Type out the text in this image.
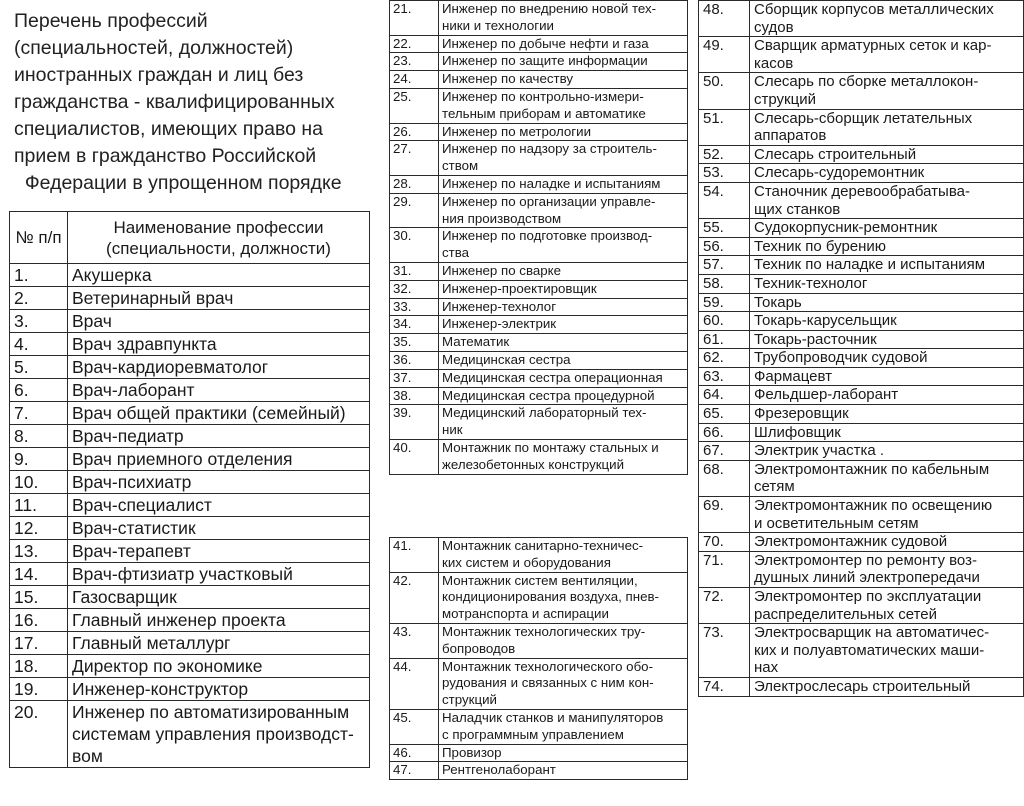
Перечень профессий
(специальностей, должностей)
иностранных граждан и лиц без
гражданства - квалифицированных
специалистов, имеющих право на
прием в гражданство Российской
Федерации в упрощенном порядке
№ п/п	Наименование профессии
(специальности, должности)

1.	Акушерка

2.	Ветеринарный врач

3.	Врач

4.	Врач здравпункта

5.	Врач-кардиоревматолог

6.	Врач-лаборант

7.	Врач общей практики (семейный)

8.	Врач-педиатр

9.	Врач приемного отделения

10.	Врач-психиатр

11.	Врач-специалист

12.	Врач-статистик

13.	Врач-терапевт

14.	Врач-фтизиатр участковый

15.	Газосварщик

16.	Главный инженер проекта

17.	Главный металлург

18.	Директор по экономике

19.	Инженер-конструктор

20.	Инженер по автоматизированным
системам управления производст-
вом
21.	Инженер по внедрению новой тех-
ники и технологии

22.	Инженер по добыче нефти и газа

23.	Инженер по защите информации

24.	Инженер по качеству

25.	Инженер по контрольно-измери-
тельным приборам и автоматике

26.	Инженер по метрологии

27.	Инженер по надзору за строитель-
ством

28.	Инженер по наладке и испытаниям

29.	Инженер по организации управле-
ния производством

30.	Инженер по подготовке производ-
ства

31.	Инженер по сварке

32.	Инженер-проектировщик

33.	Инженер-технолог

34.	Инженер-электрик

35.	Математик

36.	Медицинская сестра

37.	Медицинская сестра операционная

38.	Медицинская сестра процедурной

39.	Медицинский лабораторный тех-
ник

40.	Монтажник по монтажу стальных и
железобетонных конструкций
41.	Монтажник санитарно-техничес-
ких систем и оборудования

42.	Монтажник систем вентиляции,
кондиционирования воздуха, пнев-
мотранспорта и аспирации

43.	Монтажник технологических тру-
бопроводов

44.	Монтажник технологического обо-
рудования и связанных с ним кон-
струкций

45.	Наладчик станков и манипуляторов
с программным управлением

46.	Провизор

47.	Рентгенолаборант
48.	Сборщик корпусов металлических
судов

49.	Сварщик арматурных сеток и кар-
касов

50.	Слесарь по сборке металлокон-
струкций

51.	Слесарь-сборщик летательных
аппаратов

52.	Слесарь строительный

53.	Слесарь-судоремонтник

54.	Станочник деревообрабатыва-
щих станков

55.	Судокорпусник-ремонтник

56.	Техник по бурению

57.	Техник по наладке и испытаниям

58.	Техник-технолог

59.	Токарь

60.	Токарь-карусельщик

61.	Токарь-расточник

62.	Трубопроводчик судовой

63.	Фармацевт

64.	Фельдшер-лаборант

65.	Фрезеровщик

66.	Шлифовщик

67.	Электрик участка .

68.	Электромонтажник по кабельным
сетям

69.	Электромонтажник по освещению
и осветительным сетям

70.	Электромонтажник судовой

71.	Электромонтер по ремонту воз-
душных линий электропередачи

72.	Электромонтер по эксплуатации
распределительных сетей

73.	Электросварщик на автоматичес-
ких и полуавтоматических маши-
нах

74.	Электрослесарь строительный
